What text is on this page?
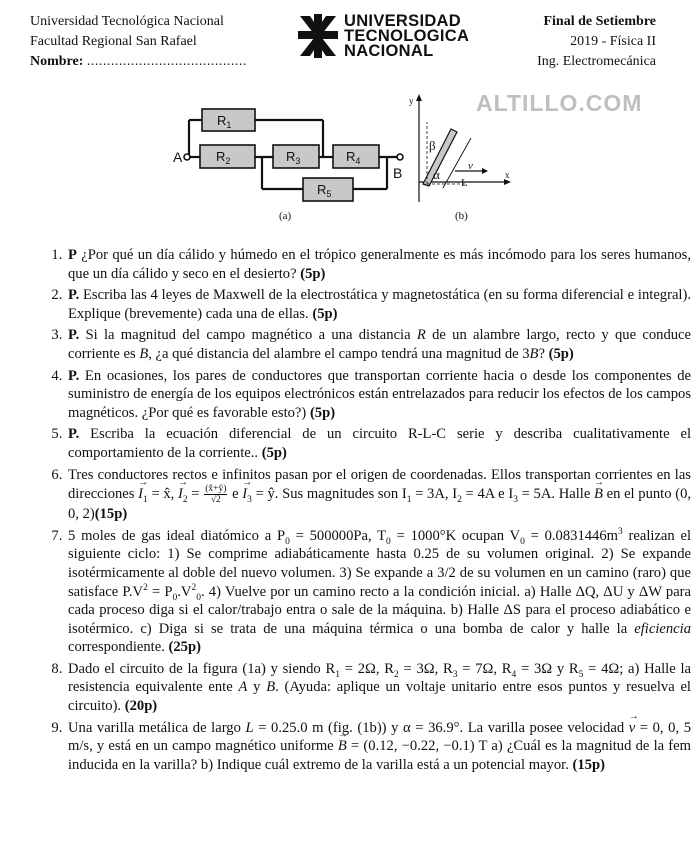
Universidad Tecnológica Nacional
Facultad Regional San Rafael
Nombre: ........................................
UNIVERSIDAD
TECNOLOGICA
NACIONAL
Final de Setiembre
2019 - Física II
Ing. Electromecánica
ALTILLO.COM
$R_1$
$R_2$	$R_3$	$R_4$
$R_5$
A
B
y
x
β
α
L
v
(a)	(b)
1. P ¿Por qué un día cálido y húmedo en el trópico generalmente es más incómodo para los seres humanos, que un día cálido y seco en el desierto? (5p)
2. P. Escriba las 4 leyes de Maxwell de la electrostática y magnetostática (en su forma diferencial e integral). Explique (brevemente) cada una de ellas. (5p)
3. P. Si la magnitud del campo magnético a una distancia R de un alambre largo, recto y que conduce corriente es B, ¿a qué distancia del alambre el campo tendrá una magnitud de 3B? (5p)
4. P. En ocasiones, los pares de conductores que transportan corriente hacia o desde los componentes de suministro de energía de los equipos electrónicos están entrelazados para reducir los efectos de los campos magnéticos. ¿Por qué es favorable esto?) (5p)
5. P. Escriba la ecuación diferencial de un circuito R-L-C serie y describa cualitativamente el comportamiento de la corriente.. (5p)
6. Tres conductores rectos e infinitos pasan por el origen de coordenadas. Ellos transportan corrientes en las direcciones → $I_1$ = x̂, → $I_2 = \frac{(x̂+ŷ)}{√2}$ $e \to I_3$ = ŷ. Sus magnitudes son $I_1 = 3A$, $I_2 = 4A$ e $I_3 = 5A$. Halle → B en el punto (0, 0, 2)(15p)
7. 5 moles de gas ideal diatómico a $P_0 = 500000Pa$, $T_0 = 1000^\circ K$ ocupan $V_0 = 0.0831446m^3$ realizan el siguiente ciclo: 1) Se comprime adiabáticamente hasta 0.25 de su volumen original. 2) Se expande isotérmicamente al doble del nuevo volumen. 3) Se expande a 3/2 de su volumen en un camino (raro) que satisface $P.V^2 = P_0.V^2_0$. 4) Vuelve por un camino recto a la condición inicial. a) Halle ΔQ, ΔU y ΔW para cada proceso diga si el calor/trabajo entra o sale de la máquina. b) Halle ΔS para el proceso adiabático e isotérmico. c) Diga si se trata de una máquina térmica o una bomba de calor y halle la eficiencia correspondiente. (25p)
8. Dado el circuito de la figura (1a) y siendo $R_1 = 2\Omega$, $R_2 = 3\Omega$, $R_3 = 7\Omega$, $R_4 = 3\Omega$ y $R_5 = 4\Omega$; a) Halle la resistencia equivalente ente A y B. (Ayuda: aplique un voltaje unitario entre esos puntos y resuelva el circuito). (20p)
9. Una varilla metálica de largo L = 0.25.0 m (fig. (1b)) y α = 36.9°. La varilla posee velocidad → v = 0, 0, 5 m/s, y está en un campo magnético uniforme → B = (0.12, −0.22, −0.1) T a) ¿Cuál es la magnitud de la fem inducida en la varilla? b) Indique cuál extremo de la varilla está a un potencial mayor. (15p)
